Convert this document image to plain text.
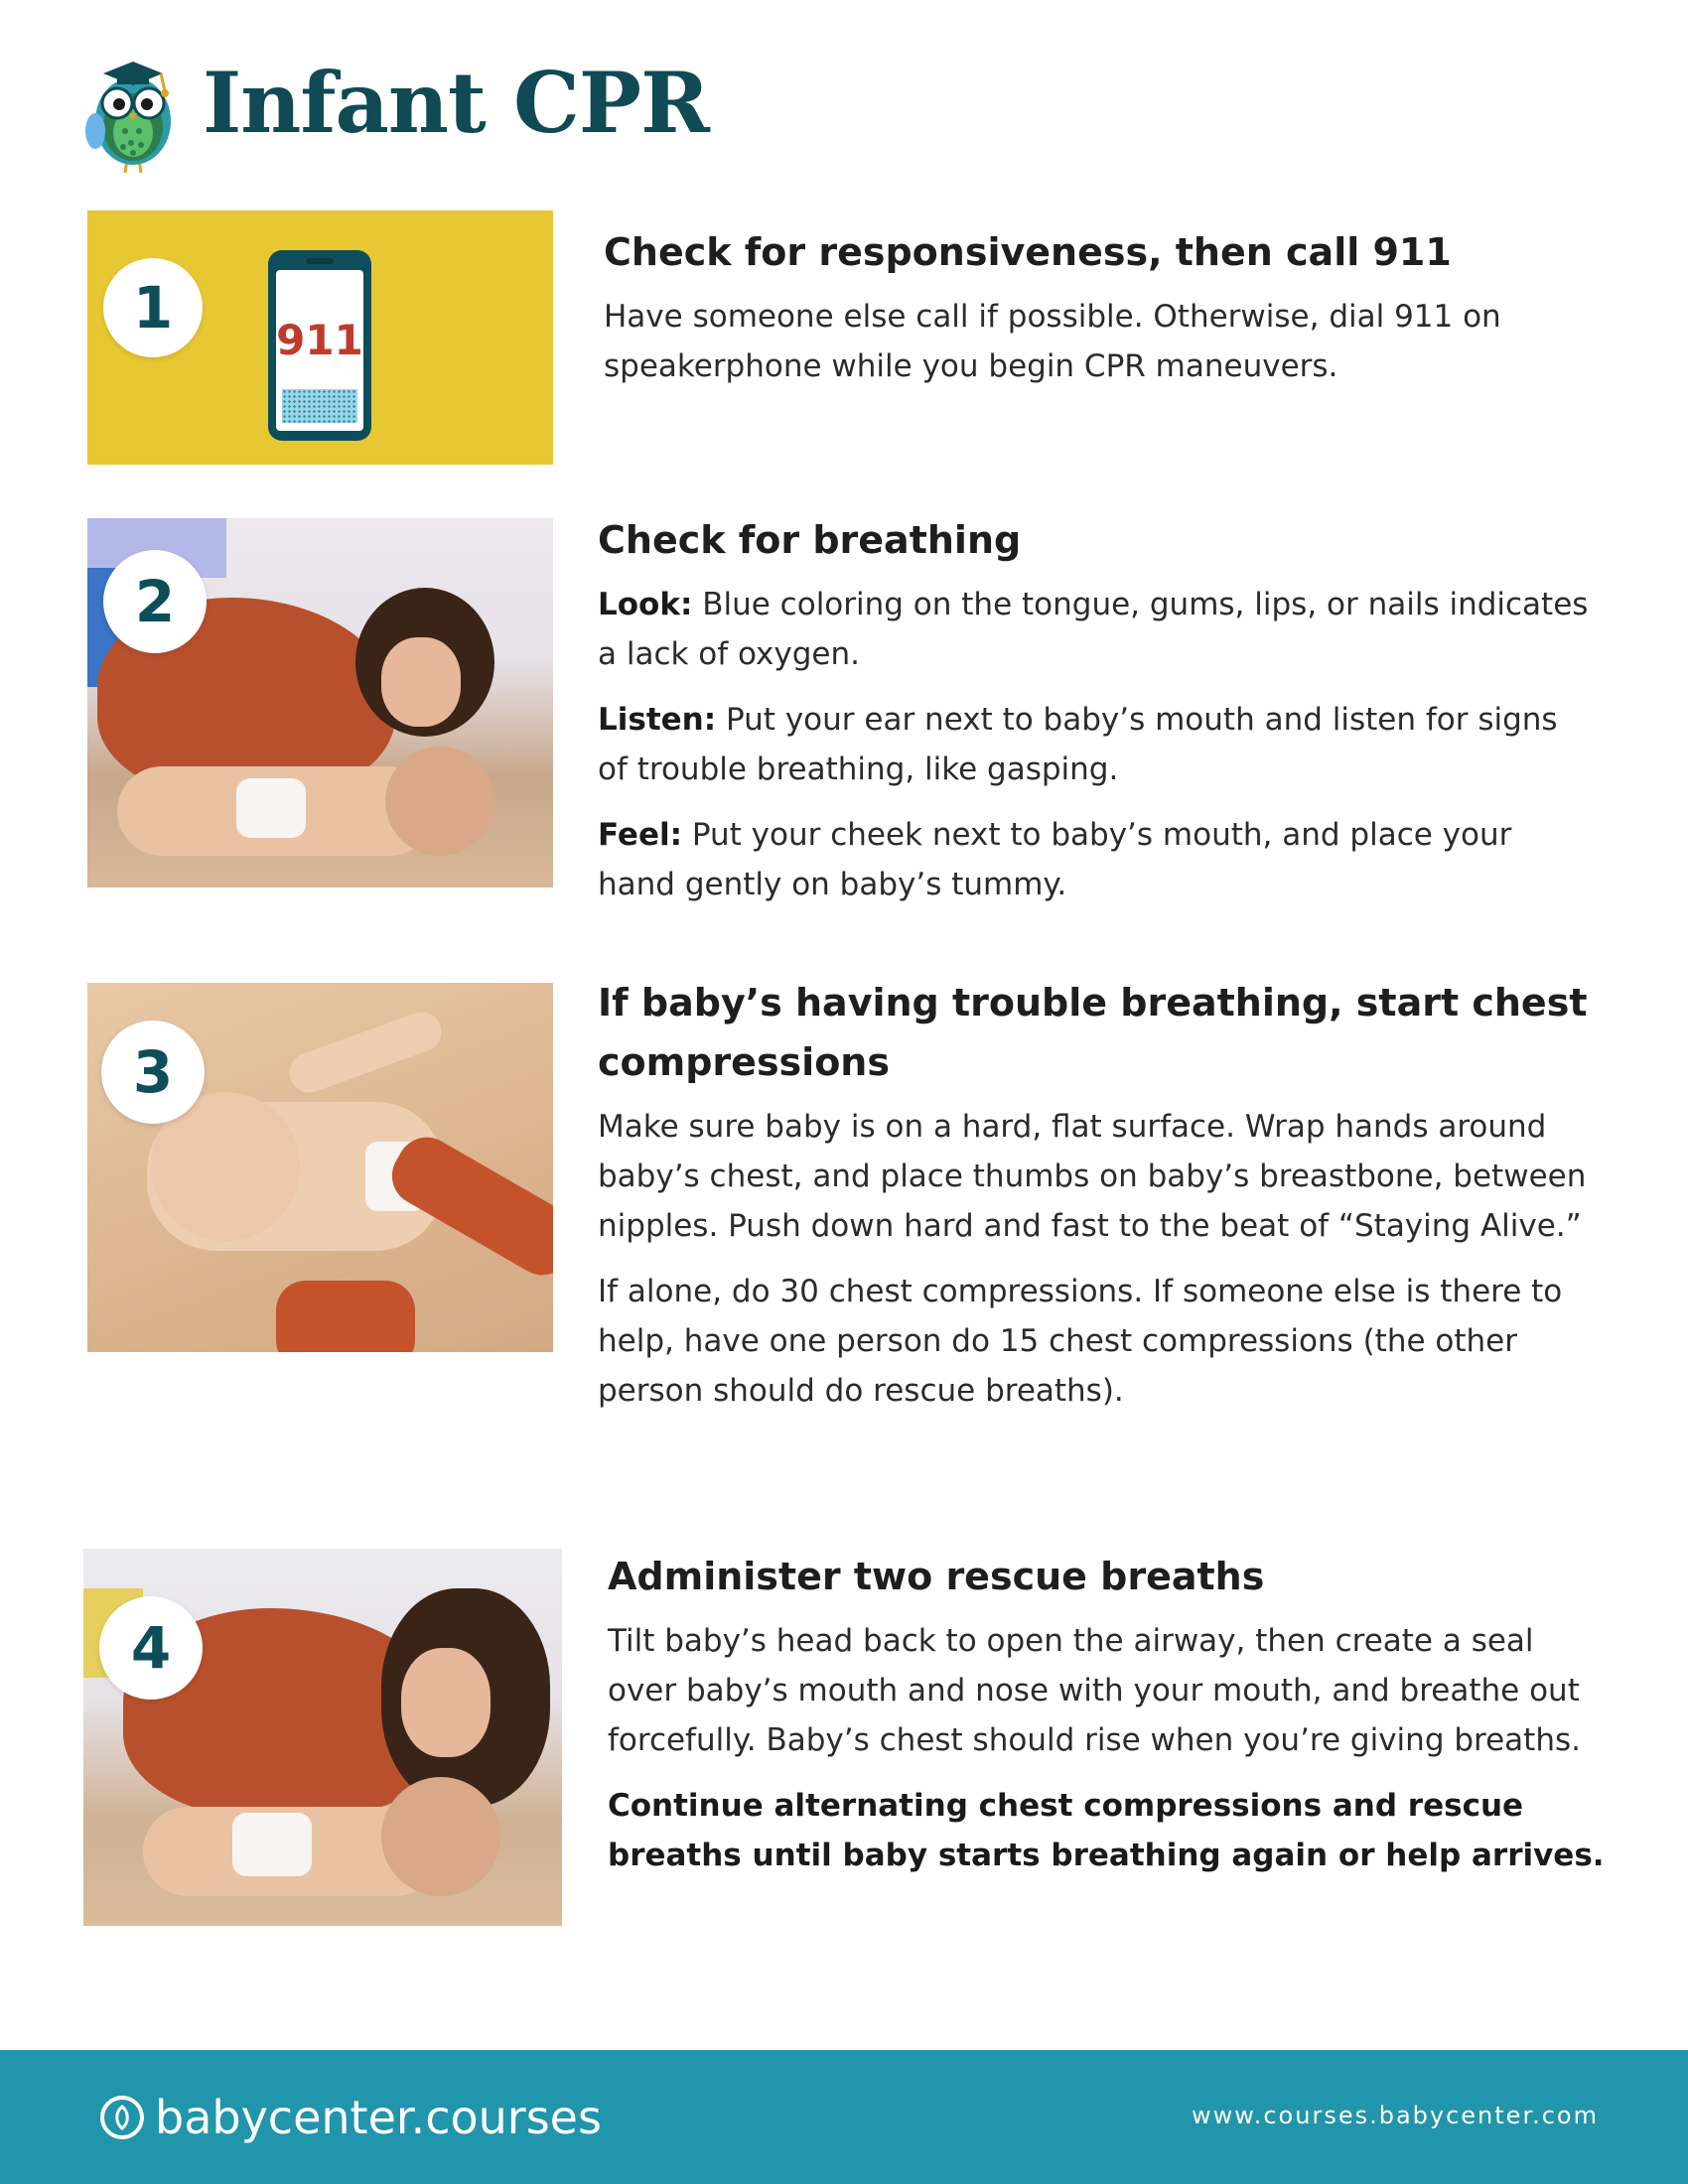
Infant CPR
1	911
Check for responsiveness, then call 911

Have someone else call if possible. Otherwise, dial 911 on speakerphone while you begin CPR maneuvers.

2
Check for breathing

Look: Blue coloring on the tongue, gums, lips, or nails indicates a lack of oxygen.

Listen: Put your ear next to baby’s mouth and listen for signs of trouble breathing, like gasping.

Feel: Put your cheek next to baby’s mouth, and place your hand gently on baby’s tummy.

3
If baby’s having trouble breathing, start chest compressions

Make sure baby is on a hard, flat surface. Wrap hands around baby’s chest, and place thumbs on baby’s breastbone, between nipples. Push down hard and fast to the beat of “Staying Alive.”

If alone, do 30 chest compressions. If someone else is there to help, have one person do 15 chest compressions (the other person should do rescue breaths).

4
Administer two rescue breaths

Tilt baby’s head back to open the airway, then create a seal over baby’s mouth and nose with your mouth, and breathe out forcefully. Baby’s chest should rise when you’re giving breaths.

Continue alternating chest compressions and rescue breaths until baby starts breathing again or help arrives.

babycenter. courses	www.courses.babycenter.com
